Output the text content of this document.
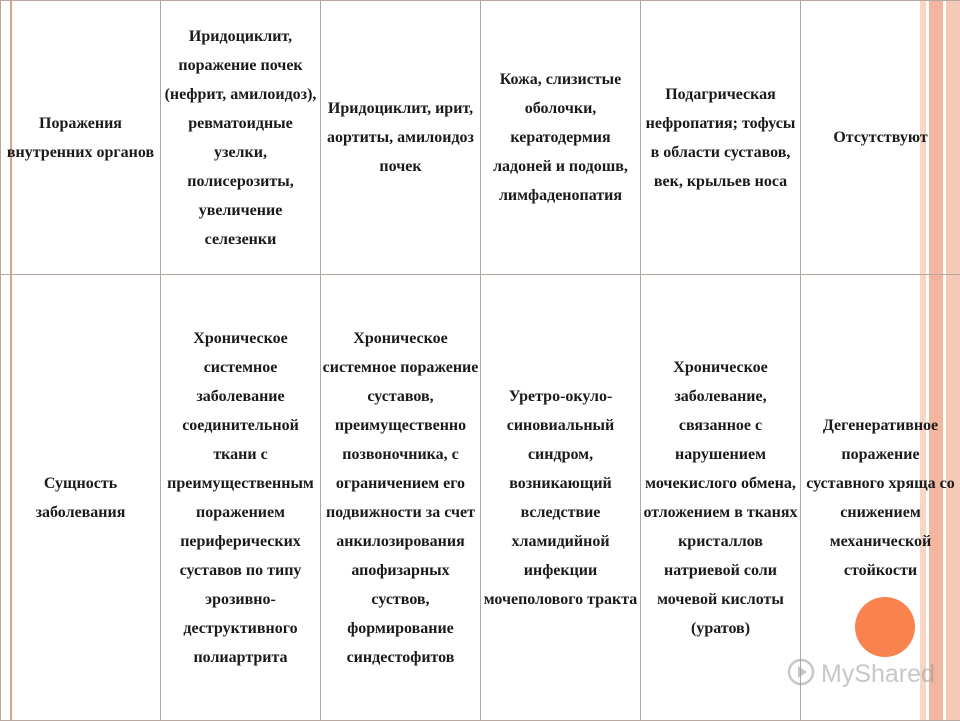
Поражения внутренних органов	Иридоциклит, поражение почек (нефрит, амилоидоз), ревматоидные узелки, полисерозиты, увеличение селезенки	Иридоциклит, ирит, аортиты, амилоидоз почек	Кожа, слизистые оболочки, кератодермия ладоней и подошв, лимфаденопатия	Подагрическая нефропатия; тофусы в области суставов, век, крыльев носа	Отсутствуют
Сущность заболевания	Хроническое системное заболевание соединительной ткани с преимущественным поражением периферических суставов по типу эрозивно-деструктивного полиартрита	Хроническое системное поражение суставов, преимущественно позвоночника, с ограничением его подвижности за счет анкилозирования апофизарных суствов, формирование синдестофитов	Уретро-окуло-синовиальный синдром, возникающий вследствие хламидийной инфекции мочеполового тракта	Хроническое заболевание, связанное с нарушением мочекислого обмена, отложением в тканях кристаллов натриевой соли мочевой кислоты (уратов)	Дегенеративное поражение суставного хряща со снижением механической стойкости
MyShared
